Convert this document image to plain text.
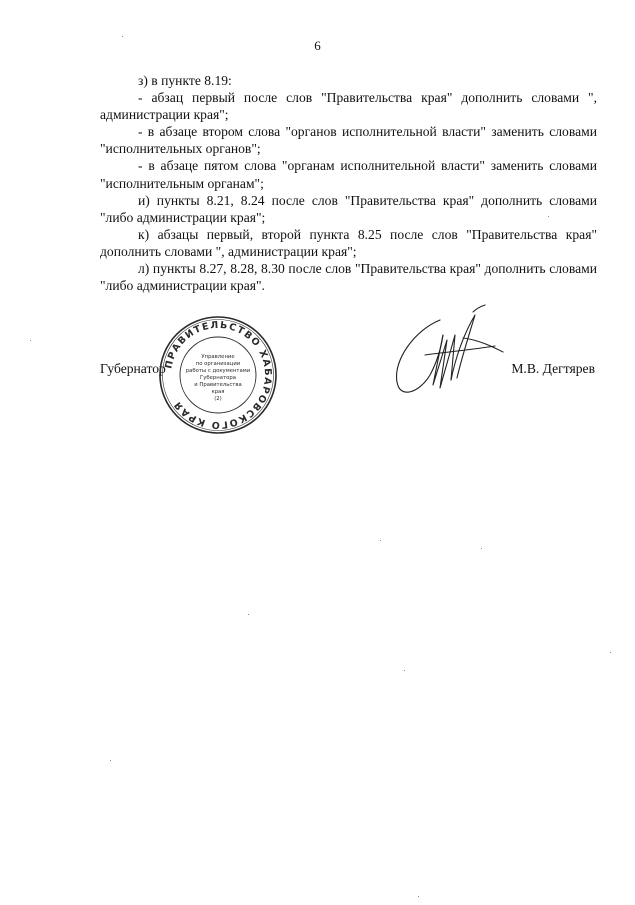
6

з) в пункте 8.19:

- абзац первый после слов "Правительства края" дополнить словами ", администрации края";

- в абзаце втором слова "органов исполнительной власти" заменить словами "исполнительных органов";

- в абзаце пятом слова "органам исполнительной власти" заменить словами "исполнительным органам";

и) пункты 8.21, 8.24 после слов "Правительства края" дополнить словами "либо администрации края";

к) абзацы первый, второй пункта 8.25 после слов "Правительства края" дополнить словами ", администрации края";

л) пункты 8.27, 8.28, 8.30 после слов "Правительства края" дополнить словами "либо администрации края".

Губернатор	М.В. Дегтярев
ПРАВИТЕЛЬСТВО ХАБАРОВСКОГО КРАЯ
Управление
по организации
работы с документами
Губернатора
и Правительства
края
(2)
